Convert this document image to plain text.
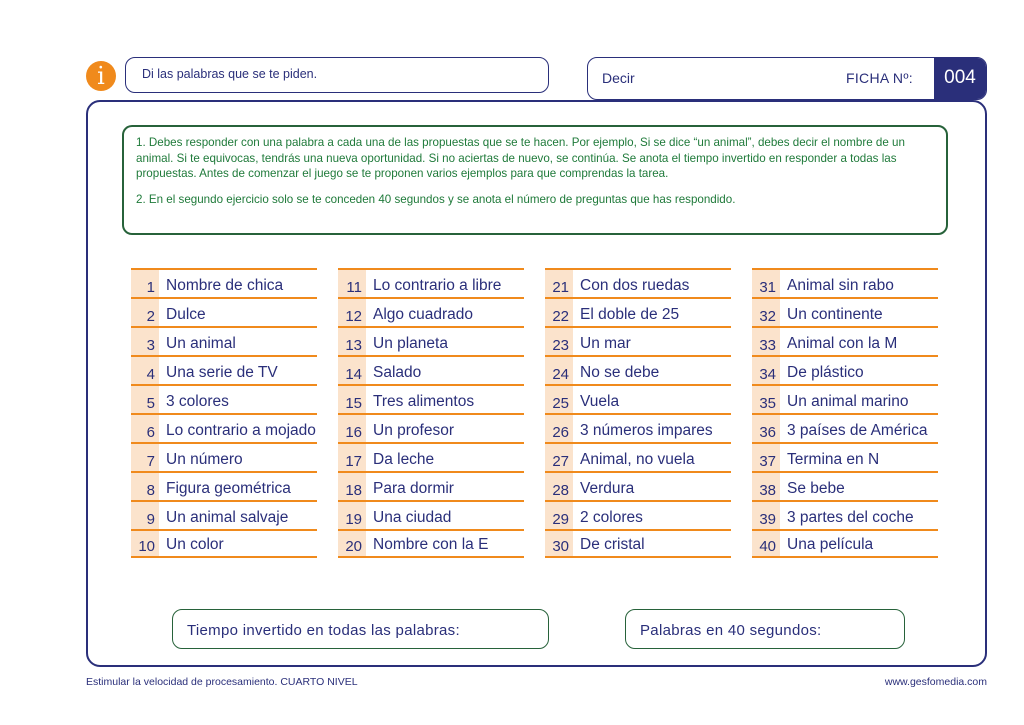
i	Di las palabras que se te piden.	Decir	FICHA Nº:	004

1. Debes responder con una palabra a cada una de las propuestas que se te hacen. Por ejemplo, Si se dice “un animal”, debes decir el nombre de un animal. Si te equivocas, tendrás una nueva oportunidad. Si no aciertas de nuevo, se continúa. Se anota el tiempo invertido en responder a todas las propuestas. Antes de comenzar el juego se te proponen varios ejemplos para que comprendas la tarea.

2. En el segundo ejercicio solo se te conceden 40 segundos y se anota el número de preguntas que has respondido.

1 Nombre de chica
2 Dulce
3 Un animal
4 Una serie de TV
5 3 colores
6 Lo contrario a mojado
7 Un número
8 Figura geométrica
9 Un animal salvaje
10 Un color
11 Lo contrario a libre
12 Algo cuadrado
13 Un planeta
14 Salado
15 Tres alimentos
16 Un profesor
17 Da leche
18 Para dormir
19 Una ciudad
20 Nombre con la E
21 Con dos ruedas
22 El doble de 25
23 Un mar
24 No se debe
25 Vuela
26 3 números impares
27 Animal, no vuela
28 Verdura
29 2 colores
30 De cristal
31 Animal sin rabo
32 Un continente
33 Animal con la M
34 De plástico
35 Un animal marino
36 3 países de América
37 Termina en N
38 Se bebe
39 3 partes del coche
40 Una película
Tiempo invertido en todas las palabras:	Palabras en 40 segundos:
Estimular la velocidad de procesamiento. CUARTO NIVEL	www.gesfomedia.com
